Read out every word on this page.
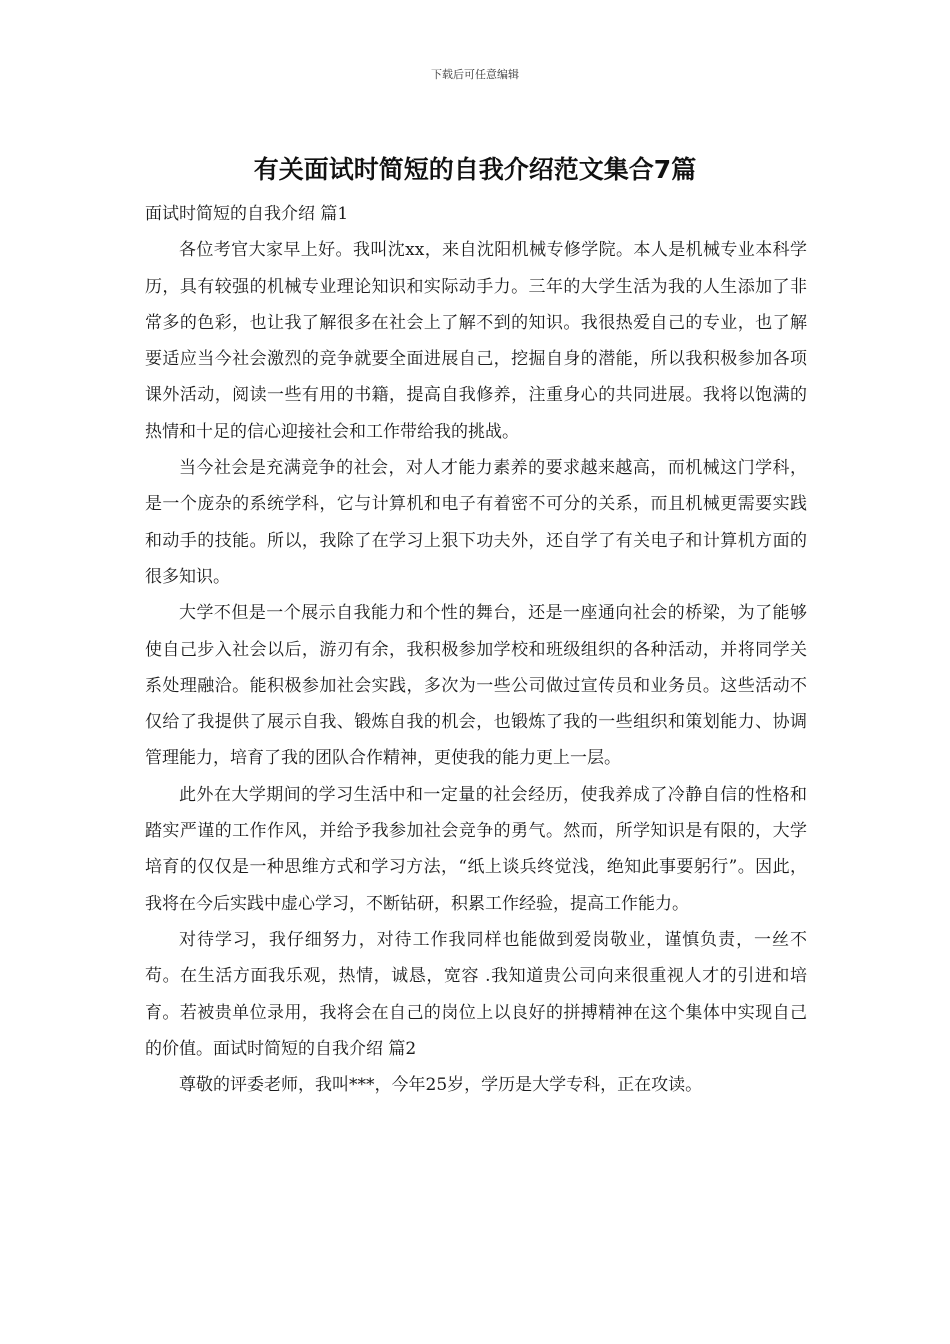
下载后可任意编辑
有关面试时简短的自我介绍范文集合7篇

面试时简短的自我介绍 篇1

各位考官大家早上好。我叫沈xx，来自沈阳机械专修学院。本人是机械专业本科学历，具有较强的机械专业理论知识和实际动手力。三年的大学生活为我的人生添加了非常多的色彩，也让我了解很多在社会上了解不到的知识。我很热爱自己的专业，也了解要适应当今社会激烈的竞争就要全面进展自己，挖掘自身的潜能，所以我积极参加各项课外活动，阅读一些有用的书籍，提高自我修养，注重身心的共同进展。我将以饱满的热情和十足的信心迎接社会和工作带给我的挑战。

当今社会是充满竞争的社会，对人才能力素养的要求越来越高，而机械这门学科，是一个庞杂的系统学科，它与计算机和电子有着密不可分的关系，而且机械更需要实践和动手的技能。所以，我除了在学习上狠下功夫外，还自学了有关电子和计算机方面的很多知识。

大学不但是一个展示自我能力和个性的舞台，还是一座通向社会的桥梁，为了能够使自己步入社会以后，游刃有余，我积极参加学校和班级组织的各种活动，并将同学关系处理融洽。能积极参加社会实践，多次为一些公司做过宣传员和业务员。这些活动不仅给了我提供了展示自我、锻炼自我的机会，也锻炼了我的一些组织和策划能力、协调管理能力，培育了我的团队合作精神，更使我的能力更上一层。

此外在大学期间的学习生活中和一定量的社会经历，使我养成了冷静自信的性格和踏实严谨的工作作风，并给予我参加社会竞争的勇气。然而，所学知识是有限的，大学培育的仅仅是一种思维方式和学习方法，“纸上谈兵终觉浅，绝知此事要躬行”。因此，我将在今后实践中虚心学习，不断钻研，积累工作经验，提高工作能力。

对待学习，我仔细努力，对待工作我同样也能做到爱岗敬业，谨慎负责，一丝不苟。在生活方面我乐观，热情，诚恳，宽容 .我知道贵公司向来很重视人才的引进和培育。若被贵单位录用，我将会在自己的岗位上以良好的拼搏精神在这个集体中实现自己的价值。面试时简短的自我介绍 篇2

尊敬的评委老师，我叫***，今年25岁，学历是大学专科，正在攻读。
